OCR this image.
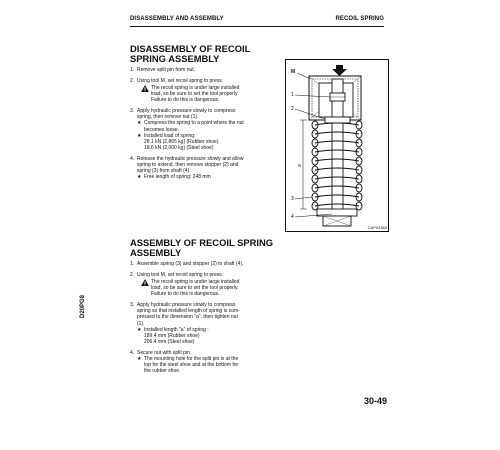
DISASSEMBLY AND ASSEMBLY	RECOIL SPRING
D20PG8
DISASSEMBLY OF RECOIL
SPRING ASSEMBLY
1. Remove split pin from nut.
2. Using tool M, set recoil spring to press.
The recoil spring is under large installed
load, so be sure to set the tool properly.
Failure to do this is dangerous.
3. Apply hydraulic pressure slowly to compress
spring, then remove nut (1).
★ Compress the spring to a point where the nut
becomes loose.
★ Installed load of spring:
28.1 kN (2,865 kg) (Rubber shoe)
19.6 kN (2,000 kg) (Steel shoe)
4. Release the hydraulic pressure slowly and allow
spring to extend, then remove stopper (2) and
spring (3) from shaft (4).
★ Free length of spring: 248 mm
M
1
2
a
3
4
CAP03383
ASSEMBLY OF RECOIL SPRING
ASSEMBLY
1. Assemble spring (3) and stopper (2) to shaft (4).
2. Using tool M, set recoil spring to press.
The recoil spring is under large installed
load, so be sure to set the tool properly.
Failure to do this is dangerous.
3. Apply hydraulic pressure slowly to compress
spring so that installed length of spring is com-
pressed to the dimension "a", then tighten nut
(1).
★ Installed length "a" of spring :
189.4 mm (Rubber shoe)
206.4 mm (Steel shoe)
4. Secure nut with split pin.
★ The mounting hole for the split pin is at the
top for the steel shoe and at the bottom for
the rubber shoe.
30-49
